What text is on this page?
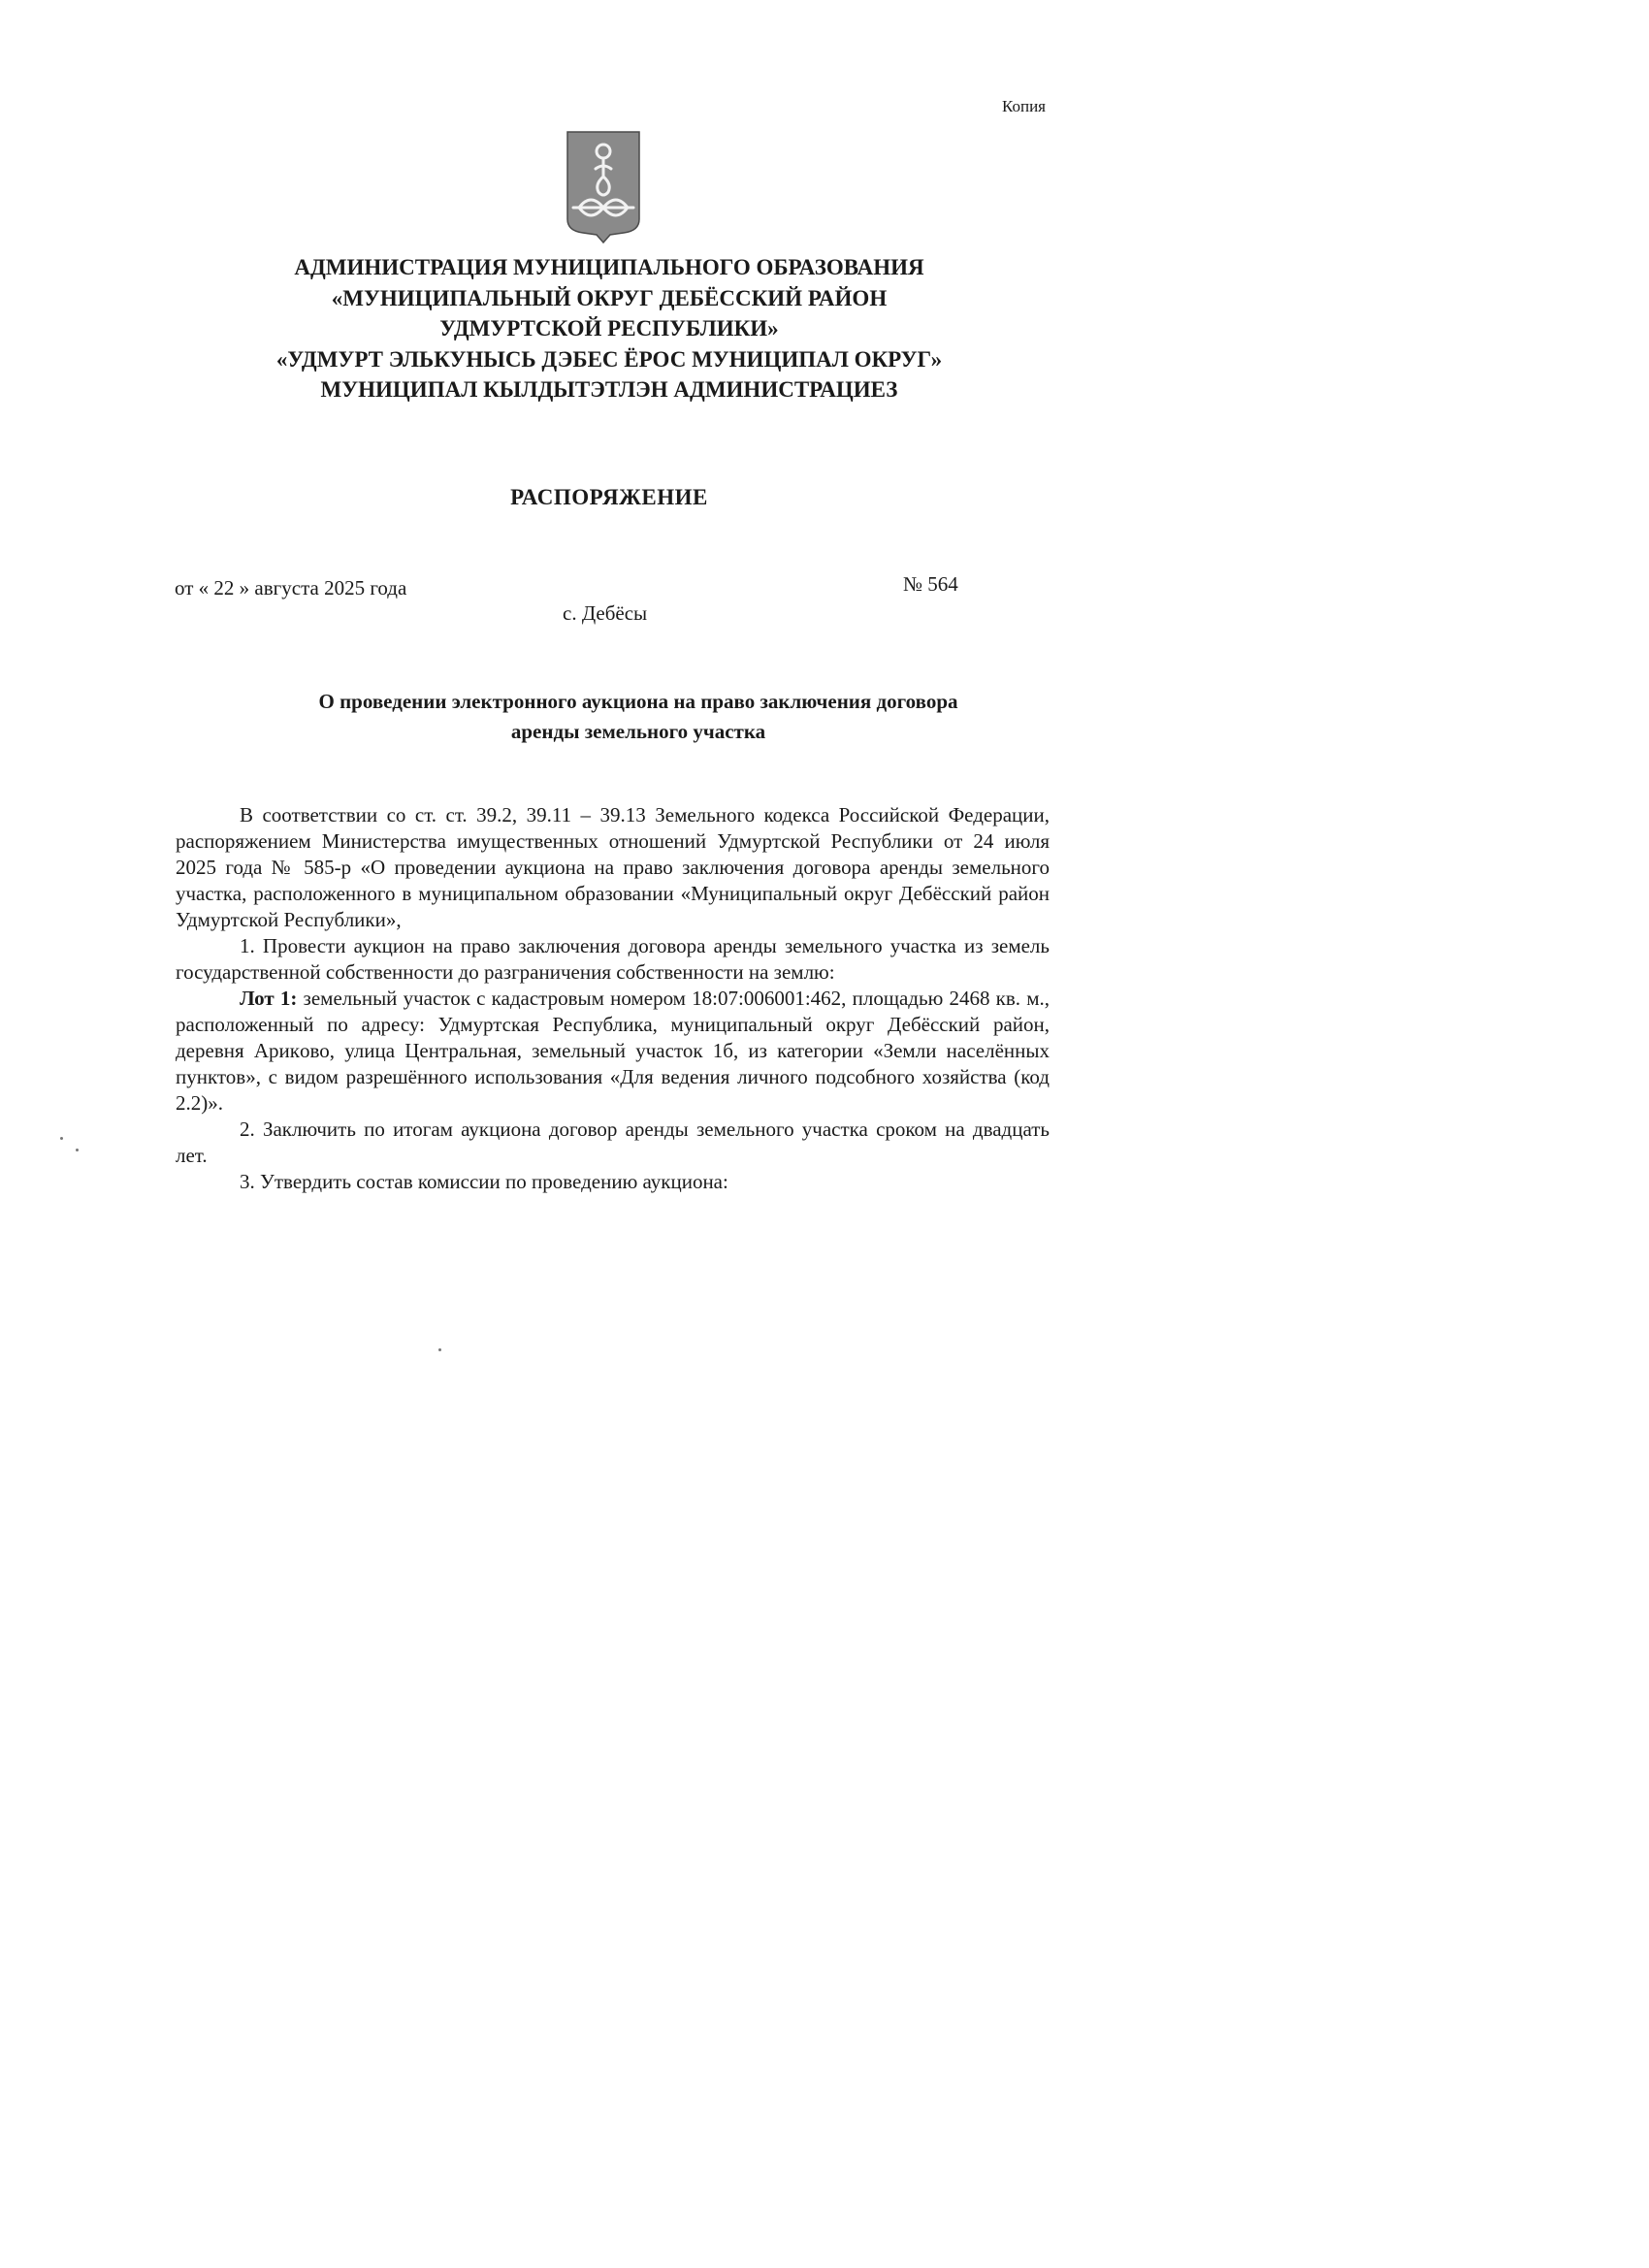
Копия
АДМИНИСТРАЦИЯ МУНИЦИПАЛЬНОГО ОБРАЗОВАНИЯ
«МУНИЦИПАЛЬНЫЙ ОКРУГ ДЕБЁССКИЙ РАЙОН
УДМУРТСКОЙ РЕСПУБЛИКИ»
«УДМУРТ ЭЛЬКУНЫСЬ ДЭБЕС ЁРОС МУНИЦИПАЛ ОКРУГ»
МУНИЦИПАЛ КЫЛДЫТЭТЛЭН АДМИНИСТРАЦИЕЗ
РАСПОРЯЖЕНИЕ
от « 22 » августа 2025 года	№ 564
с. Дебёсы
О проведении электронного аукциона на право заключения договора
аренды земельного участка

В соответствии со ст. ст. 39.2, 39.11 – 39.13 Земельного кодекса Российской Федерации, распоряжением Министерства имущественных отношений Удмуртской Республики от 24 июля 2025 года № 585-р «О проведении аукциона на право заключения договора аренды земельного участка, расположенного в муниципальном образовании «Муниципальный округ Дебёсский район Удмуртской Республики»,

1. Провести аукцион на право заключения договора аренды земельного участка из земель государственной собственности до разграничения собственности на землю:

Лот 1: земельный участок с кадастровым номером 18:07:006001:462, площадью 2468 кв. м., расположенный по адресу: Удмуртская Республика, муниципальный округ Дебёсский район, деревня Арикoво, улица Центральная, земельный участок 1б, из категории «Земли населённых пунктов», с видом разрешённого использования «Для ведения личного подсобного хозяйства (код 2.2)».

2. Заключить по итогам аукциона договор аренды земельного участка сроком на двадцать лет.

3. Утвердить состав комиссии по проведению аукциона:
